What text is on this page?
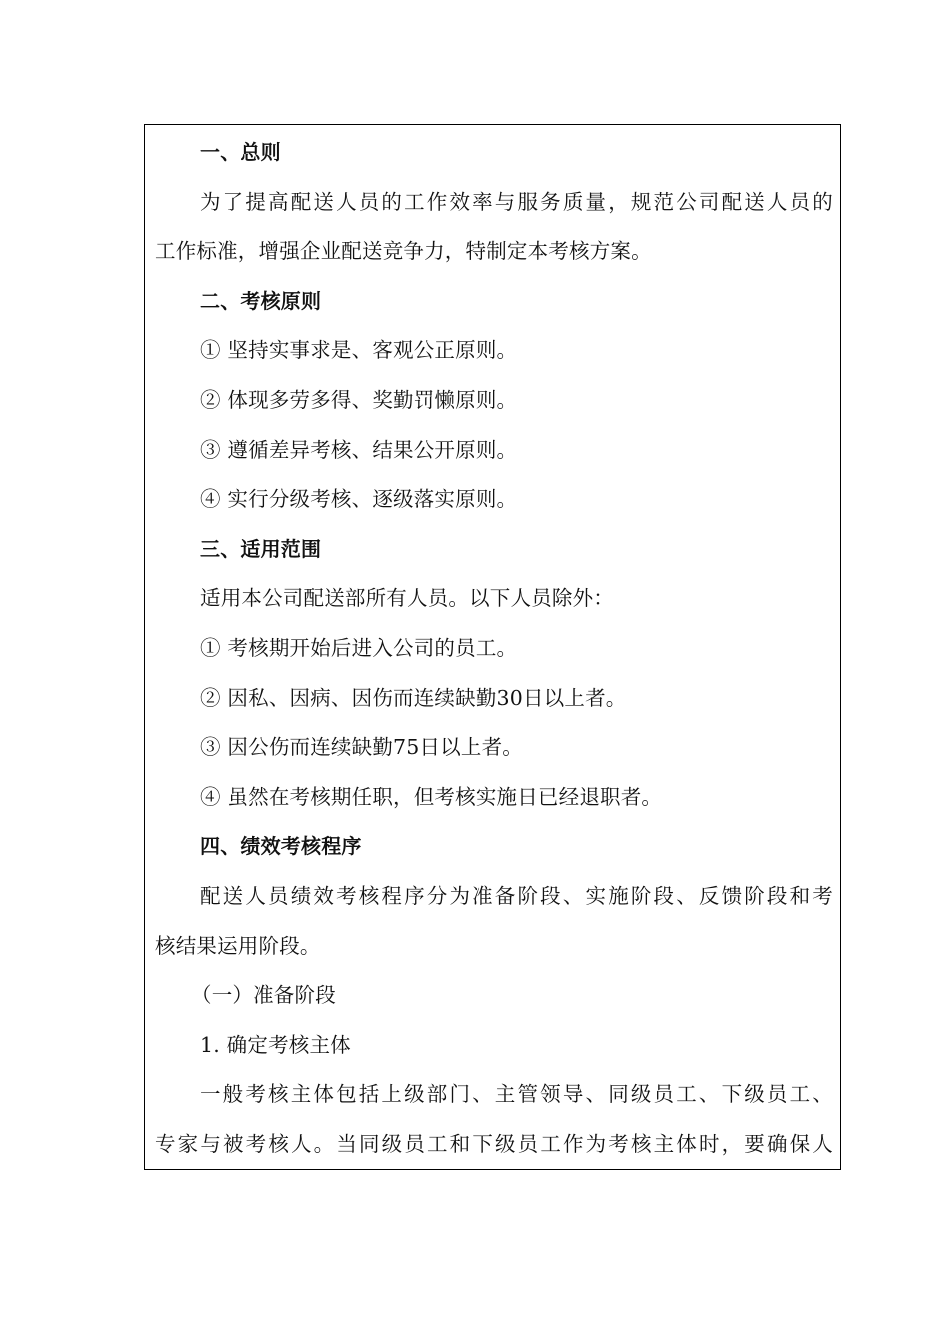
一、总则
为了提高配送人员的工作效率与服务质量，规范公司配送人员的
工作标准，增强企业配送竞争力，特制定本考核方案。
二、考核原则
① 坚持实事求是、客观公正原则。
② 体现多劳多得、奖勤罚懒原则。
③ 遵循差异考核、结果公开原则。
④ 实行分级考核、逐级落实原则。
三、适用范围
适用本公司配送部所有人员。以下人员除外：
① 考核期开始后进入公司的员工。
② 因私、因病、因伤而连续缺勤30日以上者。
③ 因公伤而连续缺勤75日以上者。
④ 虽然在考核期任职，但考核实施日已经退职者。
四、绩效考核程序
配送人员绩效考核程序分为准备阶段、实施阶段、反馈阶段和考
核结果运用阶段。
（一）准备阶段
1. 确定考核主体
一般考核主体包括上级部门、主管领导、同级员工、下级员工、
专家与被考核人。当同级员工和下级员工作为考核主体时，要确保人
